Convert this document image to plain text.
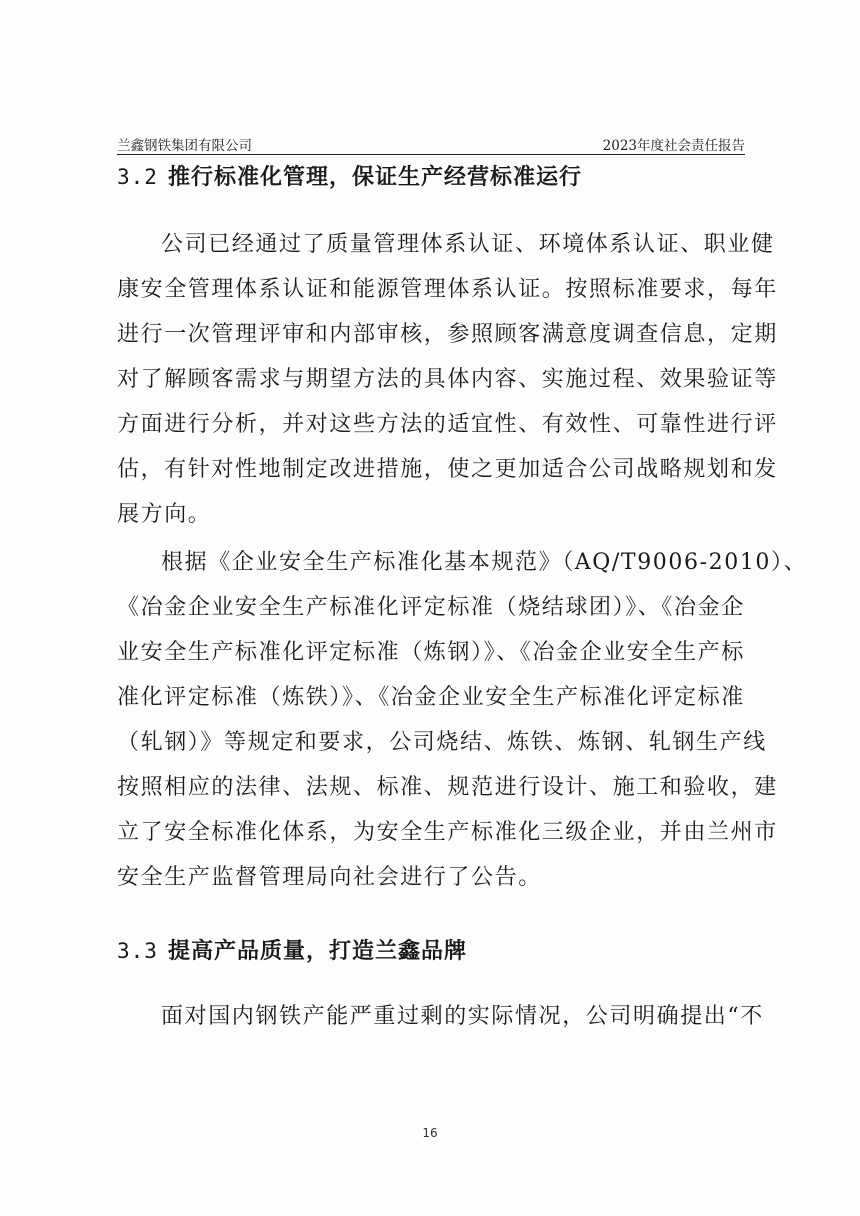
兰鑫钢铁集团有限公司	2023年度社会责任报告
3.2 推行标准化管理，保证生产经营标准运行
公司已经通过了质量管理体系认证、环境体系认证、职业健
康安全管理体系认证和能源管理体系认证。按照标准要求，每年
进行一次管理评审和内部审核，参照顾客满意度调查信息，定期
对了解顾客需求与期望方法的具体内容、实施过程、效果验证等
方面进行分析，并对这些方法的适宜性、有效性、可靠性进行评
估，有针对性地制定改进措施，使之更加适合公司战略规划和发
展方向。
根据《企业安全生产标准化基本规范》（AQ/T9006-2010）、
《冶金企业安全生产标准化评定标准（烧结球团）》、《冶金企
业安全生产标准化评定标准（炼钢）》、《冶金企业安全生产标
准化评定标准（炼铁）》、《冶金企业安全生产标准化评定标准
（轧钢）》等规定和要求，公司烧结、炼铁、炼钢、轧钢生产线
按照相应的法律、法规、标准、规范进行设计、施工和验收，建
立了安全标准化体系，为安全生产标准化三级企业，并由兰州市
安全生产监督管理局向社会进行了公告。
3.3 提高产品质量，打造兰鑫品牌
面对国内钢铁产能严重过剩的实际情况，公司明确提出“不
16
